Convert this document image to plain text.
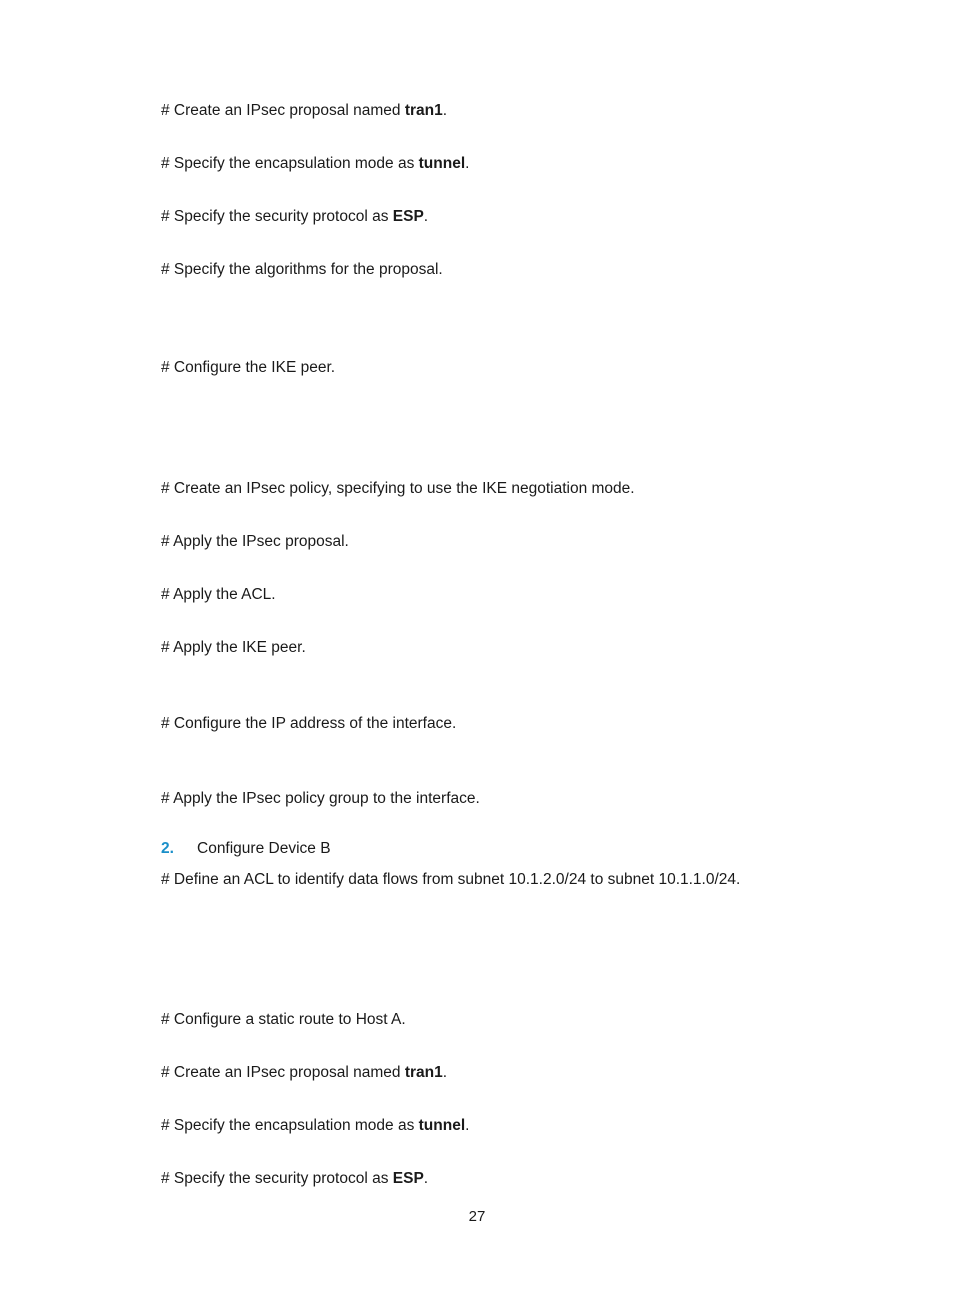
# Create an IPsec proposal named tran1.

# Specify the encapsulation mode as tunnel.

# Specify the security protocol as ESP.

# Specify the algorithms for the proposal.

# Configure the IKE peer.

# Create an IPsec policy, specifying to use the IKE negotiation mode.

# Apply the IPsec proposal.

# Apply the ACL.

# Apply the IKE peer.

# Configure the IP address of the interface.

# Apply the IPsec policy group to the interface.

2. Configure Device B

# Define an ACL to identify data flows from subnet 10.1.2.0/24 to subnet 10.1.1.0/24.

# Configure a static route to Host A.

# Create an IPsec proposal named tran1.

# Specify the encapsulation mode as tunnel.

# Specify the security protocol as ESP.

27
